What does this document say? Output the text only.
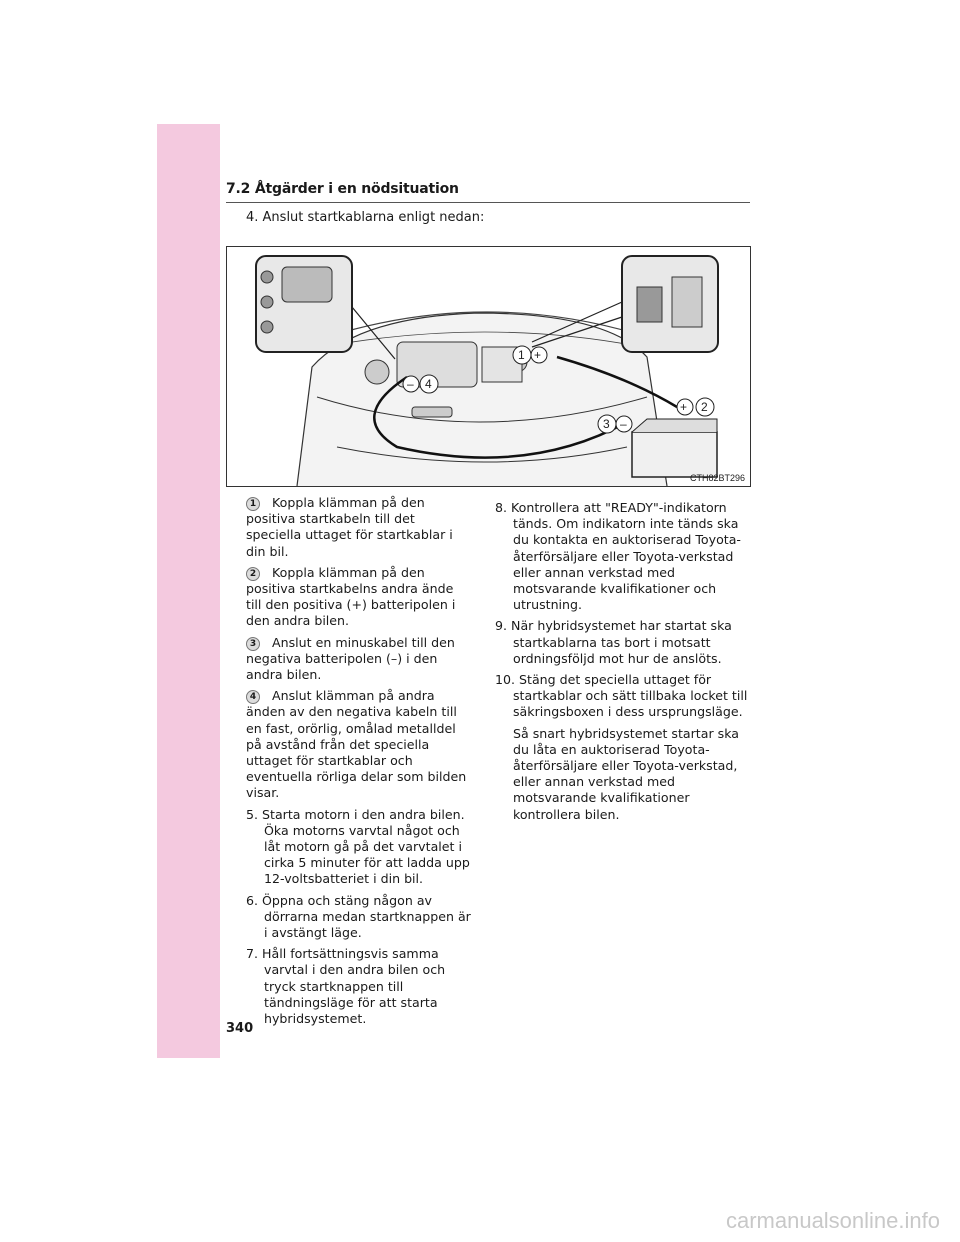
7.2 Åtgärder i en nödsituation
4. Anslut startkablarna enligt nedan:
1 +
2
+
3 –
4
–
CTH82BT296

1 Koppla klämman på den positiva startkabeln till det speciella uttaget för startkablar i din bil.

2 Koppla klämman på den positiva startkabelns andra ände till den positiva (+) batteripolen i den andra bilen.

3 Anslut en minuskabel till den negativa batteripolen (–) i den andra bilen.

4 Anslut klämman på andra änden av den negativa kabeln till en fast, orörlig, omålad metalldel på avstånd från det speciella uttaget för startkablar och eventuella rörliga delar som bilden visar.

5. Starta motorn i den andra bilen. Öka motorns varvtal något och låt motorn gå på det varvtalet i cirka 5 minuter för att ladda upp 12-voltsbatteriet i din bil.

6. Öppna och stäng någon av dörrarna medan startknappen är i avstängt läge.

7. Håll fortsättningsvis samma varvtal i den andra bilen och tryck startknappen till tändningsläge för att starta hybridsystemet.

8. Kontrollera att "READY"-indikatorn tänds. Om indikatorn inte tänds ska du kontakta en auktoriserad Toyota-återförsäljare eller Toyota-verkstad eller annan verkstad med motsvarande kvalifikationer och utrustning.

9. När hybridsystemet har startat ska startkablarna tas bort i motsatt ordningsföljd mot hur de anslöts.

10. Stäng det speciella uttaget för startkablar och sätt tillbaka locket till säkringsboxen i dess ursprungsläge.

Så snart hybridsystemet startar ska du låta en auktoriserad Toyota-återförsäljare eller Toyota-verkstad, eller annan verkstad med motsvarande kvalifikationer kontrollera bilen.

340
carmanualsonline.info
